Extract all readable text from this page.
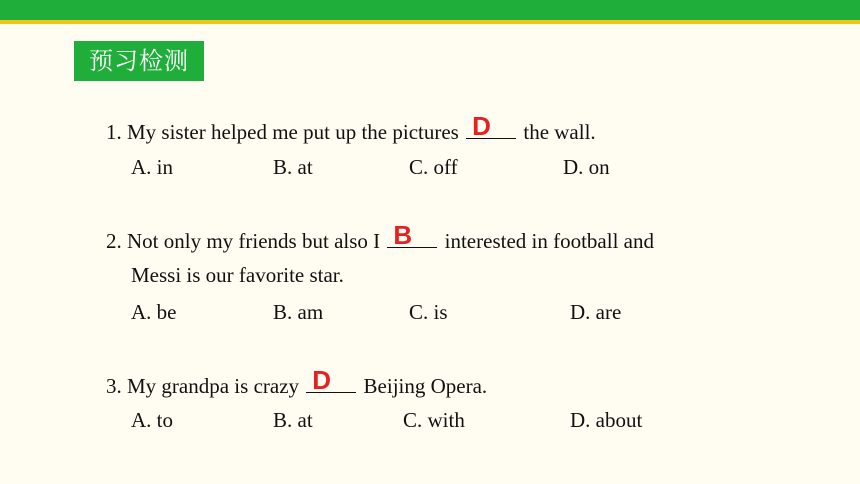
预习检测
1. My sister helped me put up the pictures D the wall.
A. in	B. at	C. off	D. on
2. Not only my friends but also I B interested in football and
Messi is our favorite star.
A. be	B. am	C. is	D. are
3. My grandpa is crazy D Beijing Opera.
A. to	B. at	C. with	D. about
